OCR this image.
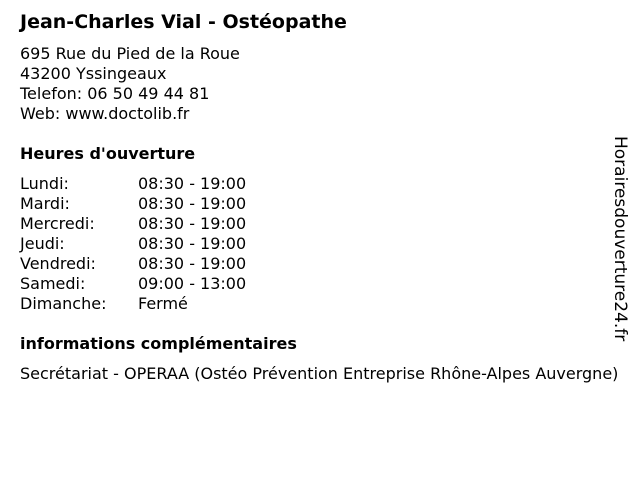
Jean-Charles Vial - Ostéopathe
695 Rue du Pied de la Roue
43200 Yssingeaux
Telefon: 06 50 49 44 81
Web: www.doctolib.fr
Heures d'ouverture
Lundi:	08:30 - 19:00
Mardi:	08:30 - 19:00
Mercredi:	08:30 - 19:00
Jeudi:	08:30 - 19:00
Vendredi:	08:30 - 19:00
Samedi:	09:00 - 13:00
Dimanche:	Fermé
informations complémentaires
Secrétariat - OPERAA (Ostéo Prévention Entreprise Rhône-Alpes Auvergne)
Horairesdouverture24.fr
